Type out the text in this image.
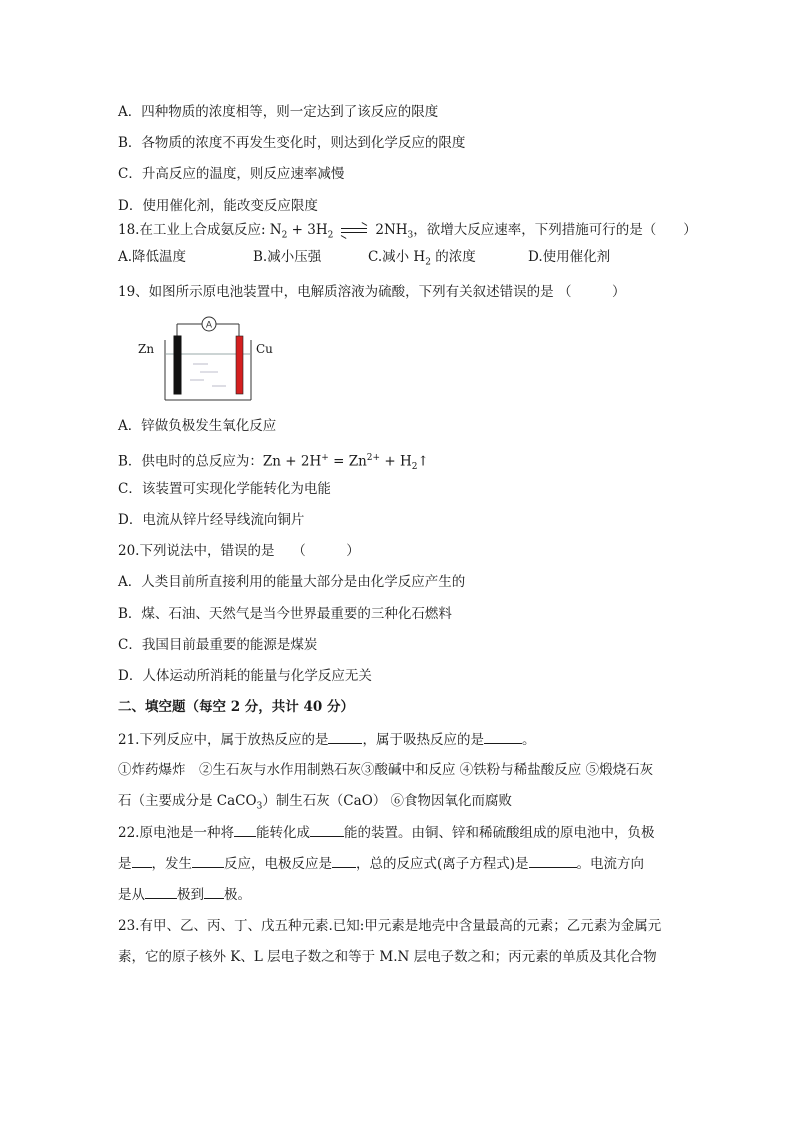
A．四种物质的浓度相等，则一定达到了该反应的限度
B．各物质的浓度不再发生变化时，则达到化学反应的限度
C．升高反应的温度，则反应速率减慢
D．使用催化剂，能改变反应限度
18.在工业上合成氨反应: $N_2 + 3H_2$	$2NH_3$，欲增大反应速率，下列措施可行的是（　　）
A.降低温度	B.减小压强	C.减小 $H_2$ 的浓度	D.使用催化剂
19、如图所示原电池装置中，电解质溶液为硫酸，下列有关叙述错误的是 （　　　）
A
Zn	Cu
A．锌做负极发生氧化反应
B．供电时的总反应为：$Zn + 2H^+ = Zn^{2+}$ + $H_2↑$
C．该装置可实现化学能转化为电能
D．电流从锌片经导线流向铜片
20.下列说法中，错误的是　 （　　　）
A．人类目前所直接利用的能量大部分是由化学反应产生的
B．煤、石油、天然气是当今世界最重要的三种化石燃料
C．我国目前最重要的能源是煤炭
D．人体运动所消耗的能量与化学反应无关
二、填空题（每空 2 分，共计 40 分）
21.下列反应中，属于放热反应的是	，属于吸热反应的是	。
①炸药爆炸　②生石灰与水作用制熟石灰③酸碱中和反应 ④铁粉与稀盐酸反应 ⑤煅烧石灰
石（主要成分是 CaCO$_3$）制生石灰（CaO） ⑥食物因氧化而腐败
22.原电池是一种将 能转化成	能的装置。由铜、锌和稀硫酸组成的原电池中，负极
是 ，发生 反应，电极反应是 ，总的反应式(离子方程式)是	。电流方向
是从 极到 极。
23.有甲、乙、丙、丁、戊五种元素.已知:甲元素是地壳中含量最高的元素；乙元素为金属元
素，它的原子核外 K、L 层电子数之和等于 M.N 层电子数之和；丙元素的单质及其化合物
